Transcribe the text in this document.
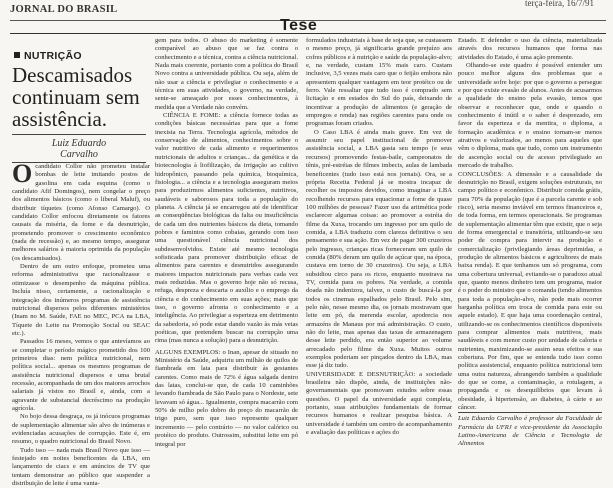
JORNAL DO BRASIL
terça-feira, 16/7/91
Tese
NUTRIÇÃO
Descamisados continuam sem assistência.
Luiz Eduardo
Carvalho

Ocandidato Collor não prometeu instalar bombas de leite imitando postos de gasolina em cada esquina (como o candidato Afif Domingos), nem congelar o preço dos alimentos básicos (como o liberal Maluf), ou distribuir tíquetes (como Afonso Camargo). O candidato Collor enfocou diretamente os fatores causais da miséria, da fome e da desnutrição, prometendo promover o crescimento econômico (nada de recessão) e, ao mesmo tempo, assegurar melhores salários à maioria oprimida da população (os descamisados).

Dentro de um outro enfoque, prometeu uma reforma administrativa que racionalizasse e otimizasse o desempenho da máquina pública. Incluía nisso, certamente, a racionalização e integração dos inúmeros programas de assistência nutricional dispersos pelos diferentes ministérios (Inam no M. Saúde, FAE no MEC, PCA na LBA, Tíquete do Leite na Promoção Social ou SEAC etc.).

Passados 16 meses, vemos o que antevíamos ao se completar o período mágico prometido dos 100 primeiros dias: nem política nutricional, nem política social... apenas os mesmos programas de assistência nutricional dispersos e uma brutal recessão, acompanhada de um dos maiores arrochos salariais já vistos no Brasil e, ainda, com a agravante de substancial decréscimo na produção agrícola.

No bojo dessa desgraça, os já inócuos programas de suplementação alimentar são alvo de inúmeras e evidenciadas acusações de corrupção. Este é, em resumo, o quadro nutricional do Brasil Novo.

Tudo isso — nada mais Brasil Novo que isso — festejado em noites beneficentes da LBA, em lançamento de ciacs e em anúncios de TV que tentam demonstrar ao público que suspender a distribuição de leite é uma vanta-

gem para todos. O abuso do marketing é somente comparável ao abuso que se faz contra o conhecimento e a técnica, contra a ciência nutricional. Nada mais coerente, portanto com a política do Brasil Novo contra a universidade pública. Ou seja, além de não usar a ciência e privilegiar o conhecimento e a técnica em suas atividades, o governo, na verdade, sente-se ameaçado por esses conhecimentos, à medida que a Verdade não convém.

CIÊNCIA E FOME: a ciência fornece todas as condições básicas necessárias para que a fome inexista na Terra. Tecnologia agrícola, métodos de conservação de alimentos, conhecimentos sobre o valor nutritivo de cada alimento e requerimentos nutricionais de adultos e crianças... da genética e da biotecnologia à liofilização, da irrigação ao cultivo hidropônico, passando pela química, bioquímica, fisiologia... a ciência e a tecnologia asseguram meios para produzirmos alimentos suficientes, nutritivos, saudáveis e saborosos para toda a população do planeta. A ciência já se encarregou até de identificar as conseqüências biológicas da falta ou insuficiência de cada um dos nutrientes básicos da dieta, tomando pobres e famintos como cobaias, gerando com isso uma questionável ciência nutricional dos subdesenvolvidos. Existe até mesmo tecnologia sofisticada para promover distribuição eficaz de alimentos para carentes e desnutridos assegurando maiores impactos nutricionais para verbas cada vez mais reduzidas. Mas o governo hoje não só recusa, refuga, despreza e descarta o auxílio e o emprego da ciência e do conhecimento em suas ações; mais que isso, o governo afronta o conhecimento e a inteligência. Ao privilegiar a esperteza em detrimento da sabedoria, só pode estar dando vazão às más veias poéticas, que pretendem buscar na corrupção uma rima (mas nunca a solução) para a desnutrição.

ALGUNS EXEMPLOS: o Inan, apesar de situado no Ministério da Saúde, adquiriu um milhão de quilos de fiambrada em lata para distribuir às gestantes carentes. Como mais de 72% é água salgada dentro das latas, conclui-se que, de cada 10 caminhões levando fiambrada de São Paulo para o Nordeste, sete levavam só água... Igualmente, compra macarrão com 50% de milho pelo dobro do preço do macarrão de trigo puro, sem que isso represente qualquer incremento — pelo contrário — no valor calórico ou protéico do produto. Outrossim, substitui leite em pó integral por

formulados industriais à base de soja que, se custassem o mesmo preço, já significaria grande prejuízo aos cofres públicos e à nutrição e saúde da população-alvo; e, na verdade, custam 15% mais caro. Custam inclusive, 3,5 vezes mais caro que o feijão embora não apresentem qualquer vantagem em teor protéico ou de ferro. Vale ressaltar que tudo isso é comprado sem licitação e em estados do Sul do país, deixando de incentivar a produção de alimentos (e geração de empregos e renda) nas regiões carentes para onde os programas foram criados.

O Caso LBA é ainda mais grave. Em vez de assumir seu papel institucional de promover assistência social, a LBA gasta seu tempo (e seus recursos) promovendo festas-baile, campeonatos de tênis, pré-estréias de filmes imbecis, aulas de lambada beneficentes (tudo isso está nos jornais). Ora, se a própria Receita Federal já se mostra incapaz de recolher os impostos devidos, como imaginar a LBA recolhendo recursos para equacionar a fome de quase 100 milhões de pessoas? Fazer uso da aritmética pode esclarecer algumas coisas: ao promover a estréia do filme da Xuxa, trocando um ingresso por um quilo de comida, a LBA traduziu com clareza definitiva o seu pensamento e sua ação. Em vez de pagar 300 cruzeiros pelo ingresso, crianças ricas forneceram um quilo de comida (80% deram um quilo de açúcar que, na época, custava em torno de 30 cruzeiros). Ou seja, a LBA subsidiou circo para os ricos, enquanto mostrava na TV, comida para os pobres. Na verdade, a comida doada não indenizou, talvez, o custo de buscá-la por todos os cinemas espalhados pelo Brasil. Pelo sim, pelo não, nesse mesmo dia, os jornais mostravam que leite em pó, da merenda escolar, apodrecia nos armazéns de Manaus por má administração. O custo, não do leite, mas apenas das taxas de armazenagem desse leite perdido, era então superior ao volume arrecadado pelo filme da Xuxa. Muitos outros exemplos poderiam ser pinçados dentro da LBA, mas esse já diz tudo.

UNIVERSIDADE E DESNUTRIÇÃO: a sociedade brasileira não dispõe, ainda, de instituições não-governamentais que promovam estudos sobre essas questões. O papel da universidade aqui completa, portanto, suas atribuições fundamentais de formar recursos humanos e realizar pesquisa básica. A universidade é também um centro de acompanhamento e avaliação das políticas e ações do

Estado. E defender o uso da ciência, materializada através dos recursos humanos que forma nas atividades do Estado, é uma ação premente.

Olhando-se este quadro é possível entender um pouco melhor alguns dos problemas que a universidade sofre hoje: por que o governo a persegue e por que existe evasão de alunos. Antes de acusarmos a qualidade do ensino pela evasão, temos que observar e reconhecer que, onde e quando o conhecimento é inútil e o saber é desprezado, em favor da esperteza e da mentira, o diploma, a formação acadêmica e o ensino tornam-se menos atrativos e valorizados, ao menos para aqueles que vêm o diploma, mais que tudo, como um instrumento de ascenção social ou de acesso privilegiado ao mercado de trabalho.

CONCLUSÕES: A dimensão e a causalidade da desnutrição no Brasil, exigem soluções estruturais, no campo político e econômico. Distribuir comida grátis, para 70% da população (que é a parcela carente e sob risco), seria mesmo inviável em termos financeiros e, de toda forma, em termos operacionais. Se programas de suplementação alimentar têm que existir, que o seja de forma emergencial e transitória, utilizando-se seu poder de compra para intervir na produção e comercialização (privilegiando áreas deprimidas, a produção de alimentos básicos e agricultores de mais baixa renda). E que tenhamos um só programa, com uma cobertura universal, evitando-se o paradoxo atual que, quanto menos dinheiro tem um programa, maior é o poder do ministro que o comanda (tendo alimentos para toda a população-alvo, não pode mais ocorrer barganha política em troca de comida para este ou aquele estado). E que haja uma coordenação central, utilizando-se os conhecimentos científicos disponíveis para comprar alimentos mais nutritivos, mais saudáveis e com menor custo por unidade de caloria e nutrientes, maximizando-se assim seus efeitos e sua cobertura. Por fim, que se entenda tudo isso como política assistencial, enquanto política nutricional tem uma outra natureza, abrangendo também a qualidade do que se come, a contaminação, a rotulagem, a propaganda e os desequilíbrios que levam à obesidade, à hipertensão, ao diabetes, à cárie e ao câncer.

Luiz Eduardo Carvalho é professor da Faculdade de Farmácia da UFRJ e vice-presidente da Associação Latino-Americana de Ciência e Tecnologia de Alimentos
